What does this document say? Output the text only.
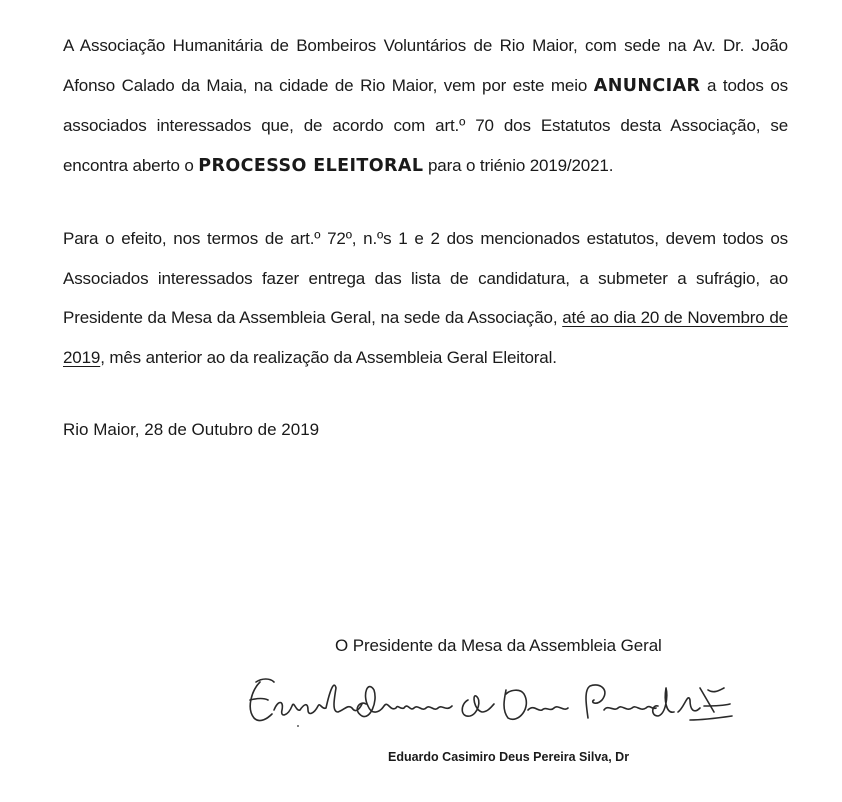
A Associação Humanitária de Bombeiros Voluntários de Rio Maior, com sede na Av. Dr. João Afonso Calado da Maia, na cidade de Rio Maior, vem por este meio ANUNCIAR a todos os associados interessados que, de acordo com art.º 70 dos Estatutos desta Associação, se encontra aberto o PROCESSO ELEITORAL para o triénio 2019/2021.

Para o efeito, nos termos de art.º 72º, n.ºs 1 e 2 dos mencionados estatutos, devem todos os Associados interessados fazer entrega das lista de candidatura, a submeter a sufrágio, ao Presidente da Mesa da Assembleia Geral, na sede da Associação, até ao dia 20 de Novembro de 2019, mês anterior ao da realização da Assembleia Geral Eleitoral.

Rio Maior, 28 de Outubro de 2019

O Presidente da Mesa da Assembleia Geral

Eduardo Casimiro Deus Pereira Silva, Dr
